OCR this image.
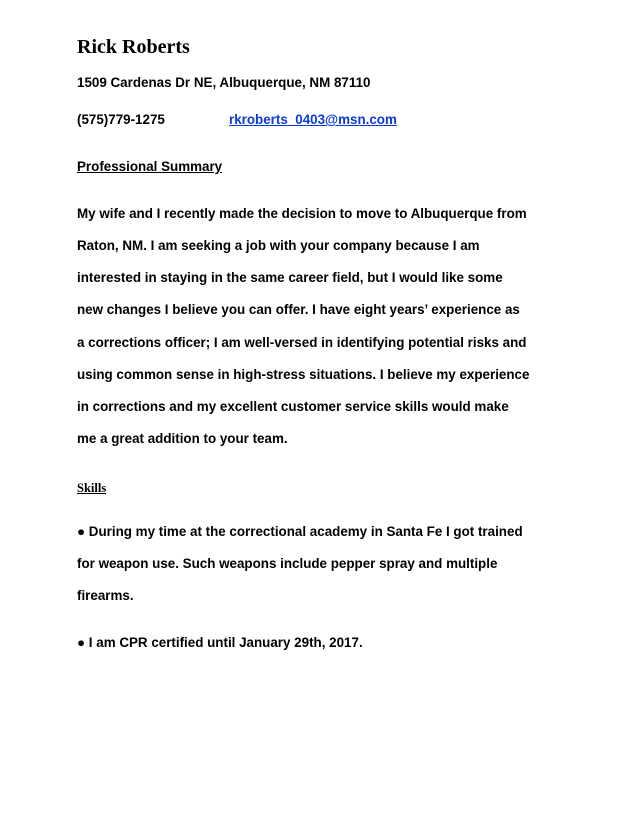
Rick Roberts
1509 Cardenas Dr NE, Albuquerque, NM 87110
(575)779-1275	rkroberts_0403@msn.com
Professional Summary
My wife and I recently made the decision to move to Albuquerque from
Raton, NM. I am seeking a job with your company because I am
interested in staying in the same career field, but I would like some
new changes I believe you can offer. I have eight years’ experience as
a corrections officer; I am well-versed in identifying potential risks and
using common sense in high-stress situations. I believe my experience
in corrections and my excellent customer service skills would make
me a great addition to your team.
Skills
● During my time at the correctional academy in Santa Fe I got trained
for weapon use. Such weapons include pepper spray and multiple
firearms.
● I am CPR certified until January 29th, 2017.
